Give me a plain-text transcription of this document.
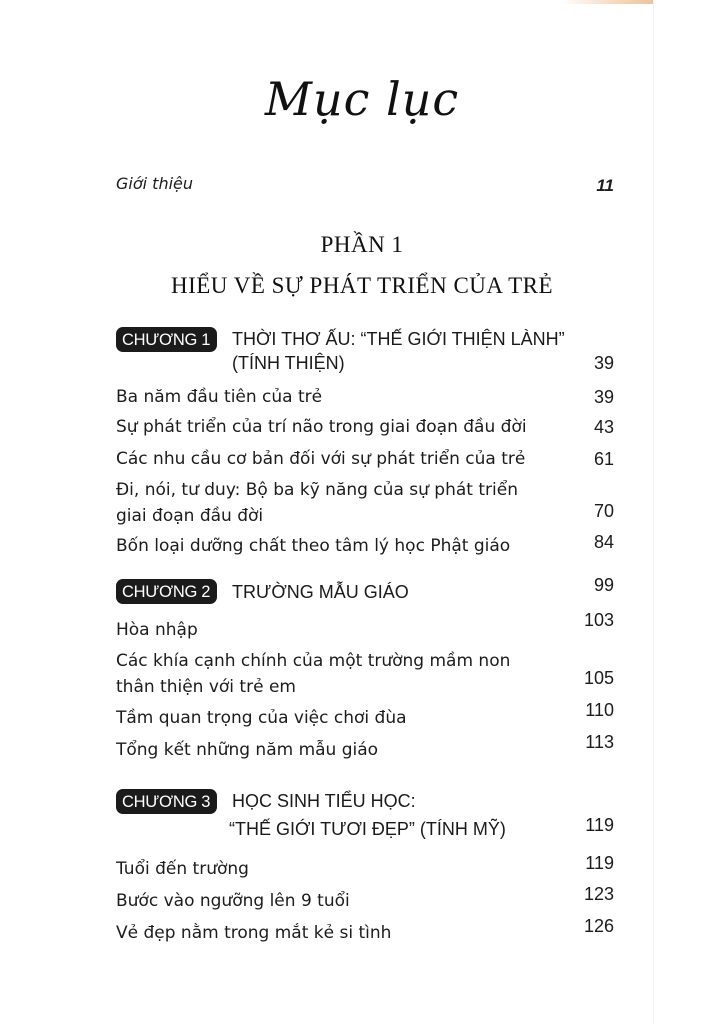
Mục lục
Giới thiệu	11
PHẦN 1
HIỂU VỀ SỰ PHÁT TRIỂN CỦA TRẺ
CHƯƠNG 1	THỜI THƠ ẤU: “THẾ GIỚI THIỆN LÀNH”
(TÍNH THIỆN)	39
Ba năm đầu tiên của trẻ	39
Sự phát triển của trí não trong giai đoạn đầu đời	43
Các nhu cầu cơ bản đối với sự phát triển của trẻ	61
Đi, nói, tư duy: Bộ ba kỹ năng của sự phát triển
giai đoạn đầu đời	70
Bốn loại dưỡng chất theo tâm lý học Phật giáo	84
CHƯƠNG 2	TRƯỜNG MẪU GIÁO	99
Hòa nhập	103
Các khía cạnh chính của một trường mầm non
thân thiện với trẻ em	105
Tầm quan trọng của việc chơi đùa	110
Tổng kết những năm mẫu giáo	113
CHƯƠNG 3	HỌC SINH TIỂU HỌC:
“THẾ GIỚI TƯƠI ĐẸP” (TÍNH MỸ)	119
Tuổi đến trường	119
Bước vào ngưỡng lên 9 tuổi	123
Vẻ đẹp nằm trong mắt kẻ si tình	126
